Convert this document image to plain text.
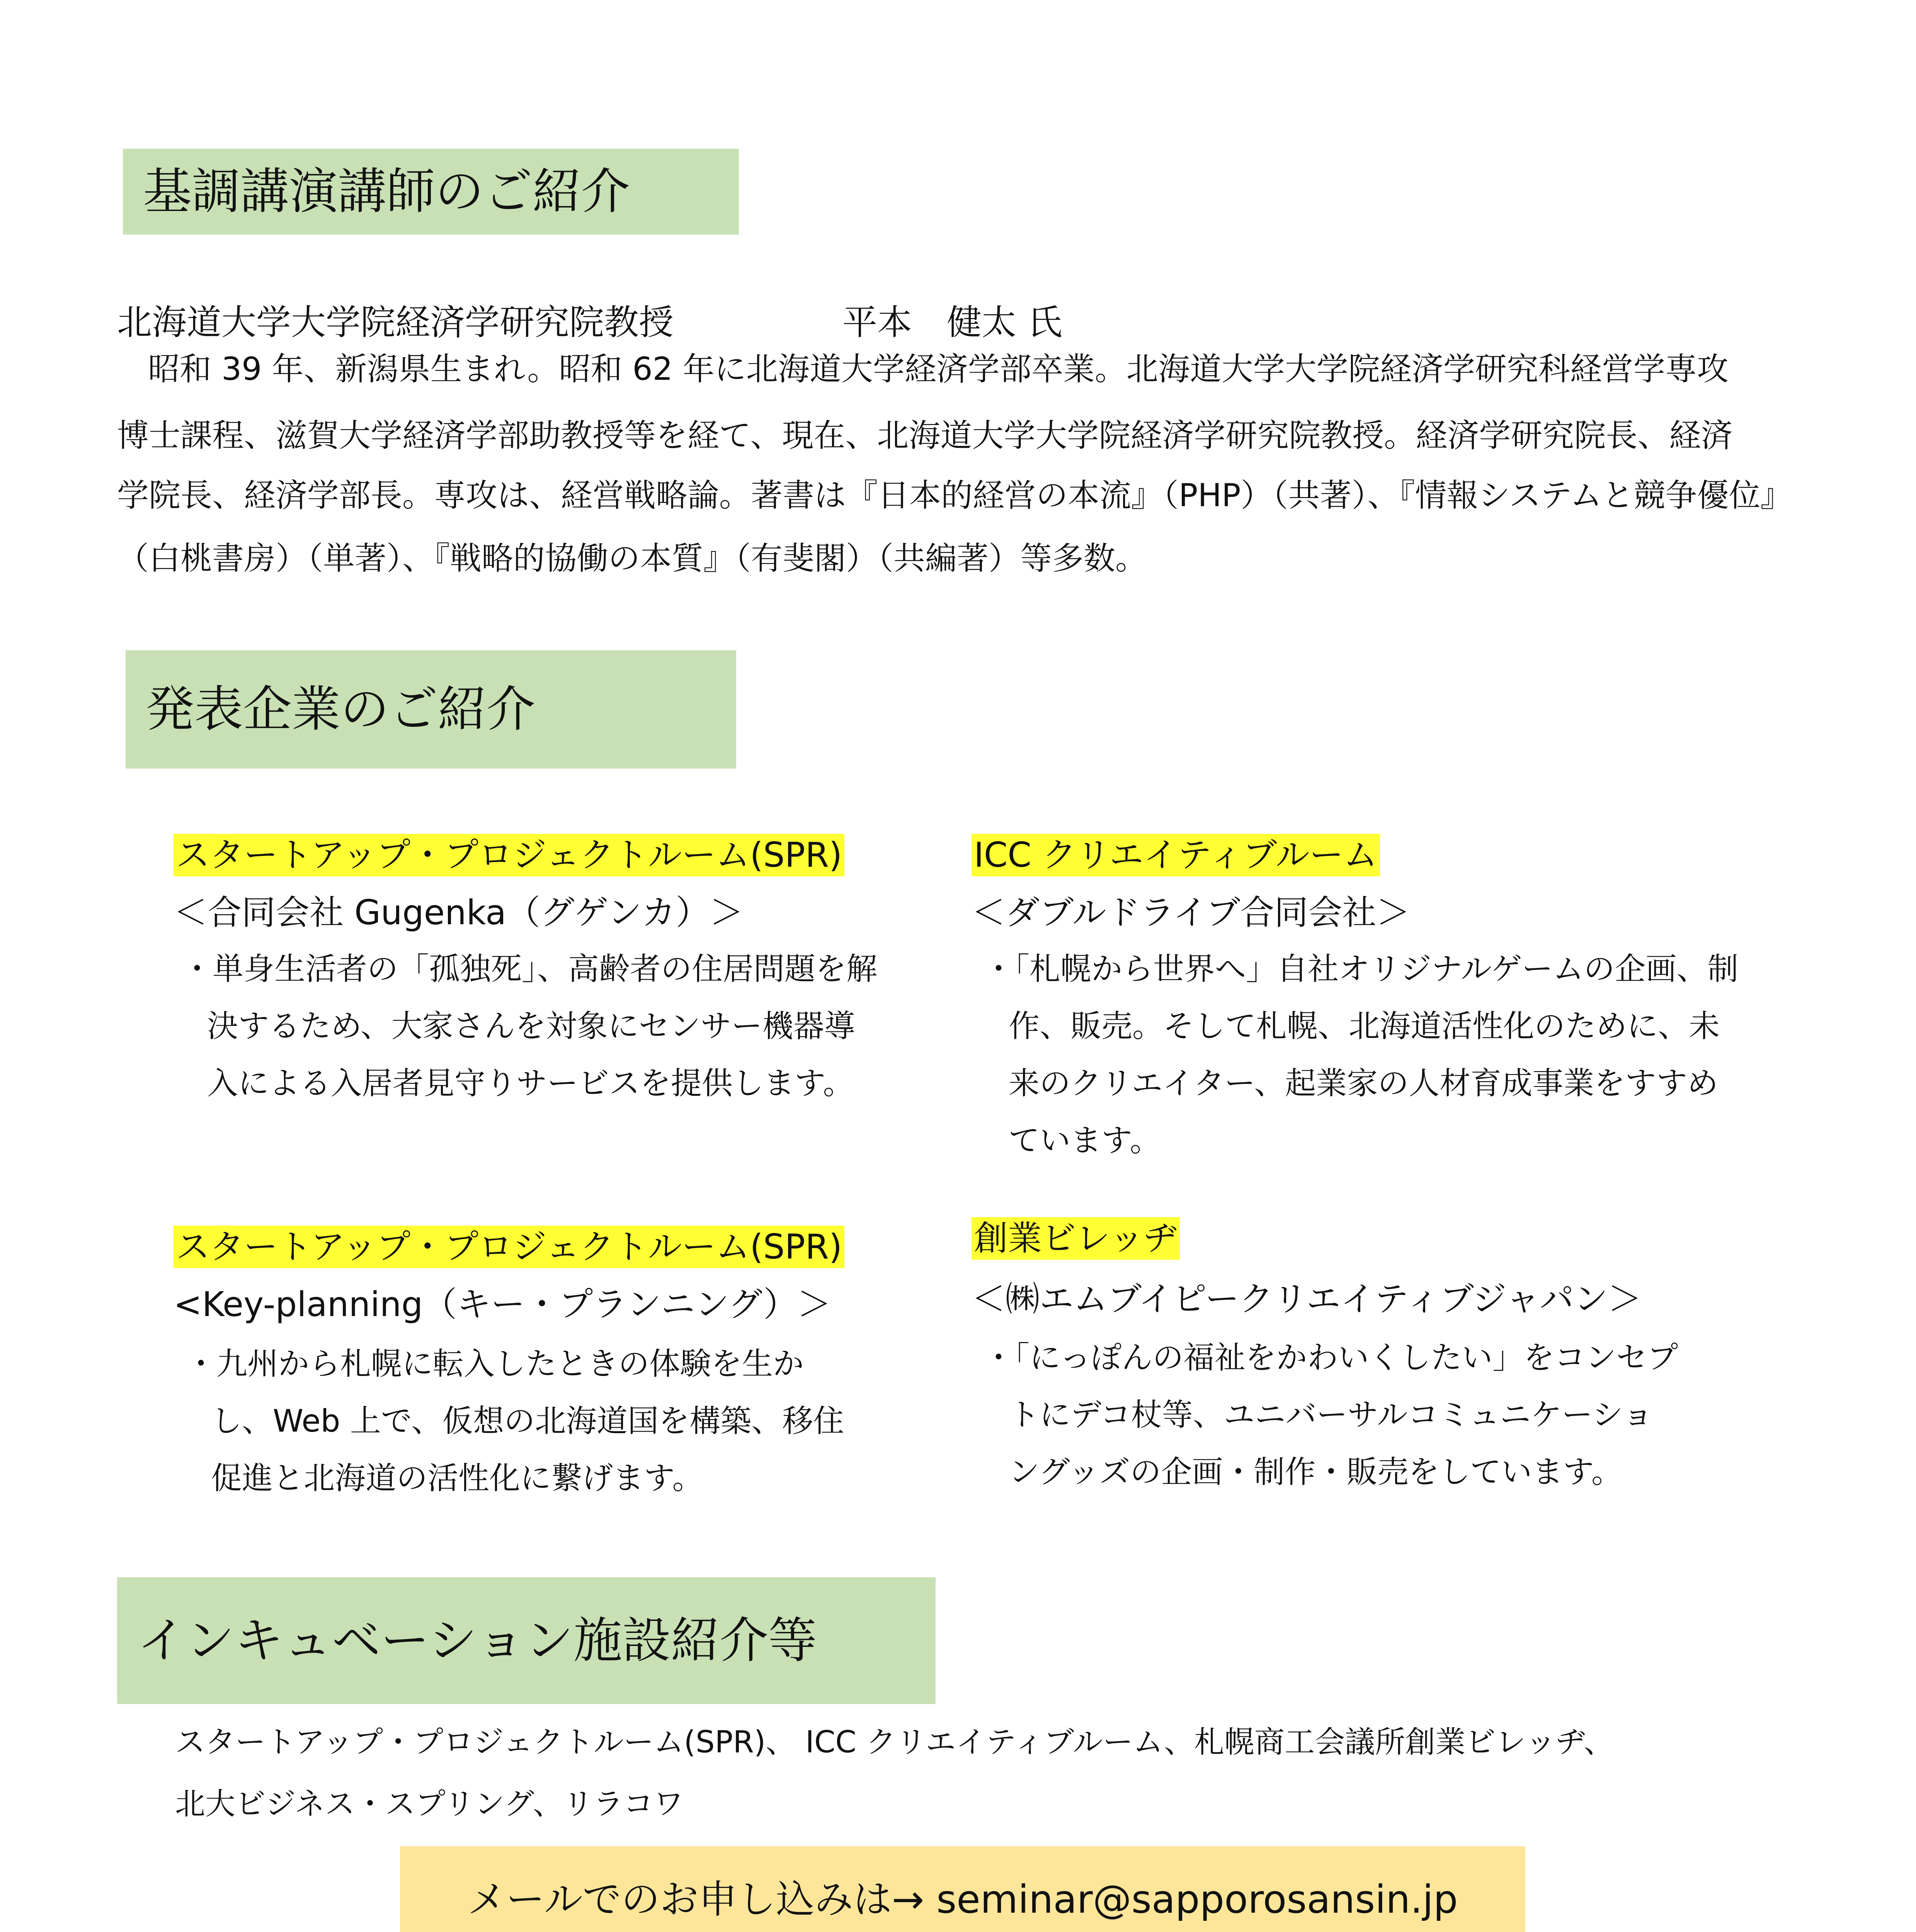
基調講演講師のご紹介
北海道大学大学院経済学研究院教授	平本　健太 氏
昭和 39 年、新潟県生まれ。昭和 62 年に北海道大学経済学部卒業。北海道大学大学院経済学研究科経営学専攻
博士課程、滋賀大学経済学部助教授等を経て、現在、北海道大学大学院経済学研究院教授。経済学研究院長、経済
学院長、経済学部長。専攻は、経営戦略論。著書は『日本的経営の本流』（PHP）（共著）、『情報システムと競争優位』
（白桃書房）（単著）、『戦略的協働の本質』（有斐閣）（共編著）等多数。
発表企業のご紹介
スタートアップ・プロジェクトルーム(SPR)
＜合同会社 Gugenka（グゲンカ）＞
・単身生活者の「孤独死」、高齢者の住居問題を解
決するため、大家さんを対象にセンサー機器導
入による入居者見守りサービスを提供します。
ICC クリエイティブルーム
＜ダブルドライブ合同会社＞
・「札幌から世界へ」自社オリジナルゲームの企画、制
作、販売。そして札幌、北海道活性化のために、未
来のクリエイター、起業家の人材育成事業をすすめ
ています。
スタートアップ・プロジェクトルーム(SPR)
<Key-planning（キー・プランニング）＞
・九州から札幌に転入したときの体験を生か
し、Web 上で、仮想の北海道国を構築、移住
促進と北海道の活性化に繋げます。
創業ビレッヂ
＜㈱エムブイピークリエイティブジャパン＞
・「にっぽんの福祉をかわいくしたい」をコンセプ
トにデコ杖等、ユニバーサルコミュニケーショ
ングッズの企画・制作・販売をしています。
インキュベーション施設紹介等
スタートアップ・プロジェクトルーム(SPR)、 ICC クリエイティブルーム、札幌商工会議所創業ビレッヂ、
北大ビジネス・スプリング、リラコワ
メールでのお申し込みは→ seminar@sapporosansin.jp
